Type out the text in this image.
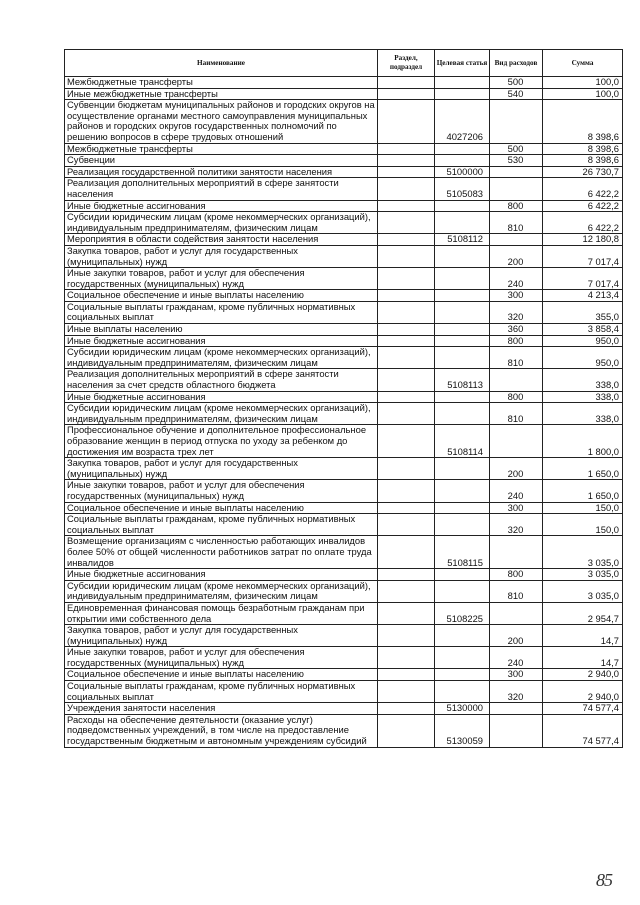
Наименование	Раздел, подраздел	Целевая статья	Вид расходов	Сумма
Межбюджетные трансферты			500	100,0
Иные межбюджетные трансферты			540	100,0
Субвенции бюджетам муниципальных районов и городских округов на осуществление органами местного самоуправления муниципальных районов и городских округов государственных полномочий по решению вопросов в сфере трудовых отношений		4027206		8 398,6
Межбюджетные трансферты			500	8 398,6
Субвенции			530	8 398,6
Реализация государственной политики занятости населения		5100000		26 730,7
Реализация дополнительных мероприятий в сфере занятости населения		5105083		6 422,2
Иные бюджетные ассигнования			800	6 422,2
Субсидии юридическим лицам (кроме некоммерческих организаций), индивидуальным предпринимателям, физическим лицам			810	6 422,2
Мероприятия в области содействия занятости населения		5108112		12 180,8
Закупка товаров, работ и услуг для государственных (муниципальных) нужд			200	7 017,4
Иные закупки товаров, работ и услуг для обеспечения государственных (муниципальных) нужд			240	7 017,4
Социальное обеспечение и иные выплаты населению			300	4 213,4
Социальные выплаты гражданам, кроме публичных нормативных социальных выплат			320	355,0
Иные выплаты населению			360	3 858,4
Иные бюджетные ассигнования			800	950,0
Субсидии юридическим лицам (кроме некоммерческих организаций), индивидуальным предпринимателям, физическим лицам			810	950,0
Реализация дополнительных мероприятий в сфере занятости населения за счет средств областного бюджета		5108113		338,0
Иные бюджетные ассигнования			800	338,0
Субсидии юридическим лицам (кроме некоммерческих организаций), индивидуальным предпринимателям, физическим лицам			810	338,0
Профессиональное обучение и дополнительное профессиональное образование женщин в период отпуска по уходу за ребенком до достижения им возраста трех лет		5108114		1 800,0
Закупка товаров, работ и услуг для государственных (муниципальных) нужд			200	1 650,0
Иные закупки товаров, работ и услуг для обеспечения государственных (муниципальных) нужд			240	1 650,0
Социальное обеспечение и иные выплаты населению			300	150,0
Социальные выплаты гражданам, кроме публичных нормативных социальных выплат			320	150,0
Возмещение организациям с численностью работающих инвалидов более 50% от общей численности работников затрат по оплате труда инвалидов		5108115		3 035,0
Иные бюджетные ассигнования			800	3 035,0
Субсидии юридическим лицам (кроме некоммерческих организаций), индивидуальным предпринимателям, физическим лицам			810	3 035,0
Единовременная финансовая помощь безработным гражданам при открытии ими собственного дела		5108225		2 954,7
Закупка товаров, работ и услуг для государственных (муниципальных) нужд			200	14,7
Иные закупки товаров, работ и услуг для обеспечения государственных (муниципальных) нужд			240	14,7
Социальное обеспечение и иные выплаты населению			300	2 940,0
Социальные выплаты гражданам, кроме публичных нормативных социальных выплат			320	2 940,0
Учреждения занятости населения		5130000		74 577,4
Расходы на обеспечение деятельности (оказание услуг) подведомственных учреждений, в том числе на предоставление государственным бюджетным и автономным учреждениям субсидий		5130059		74 577,4
85
